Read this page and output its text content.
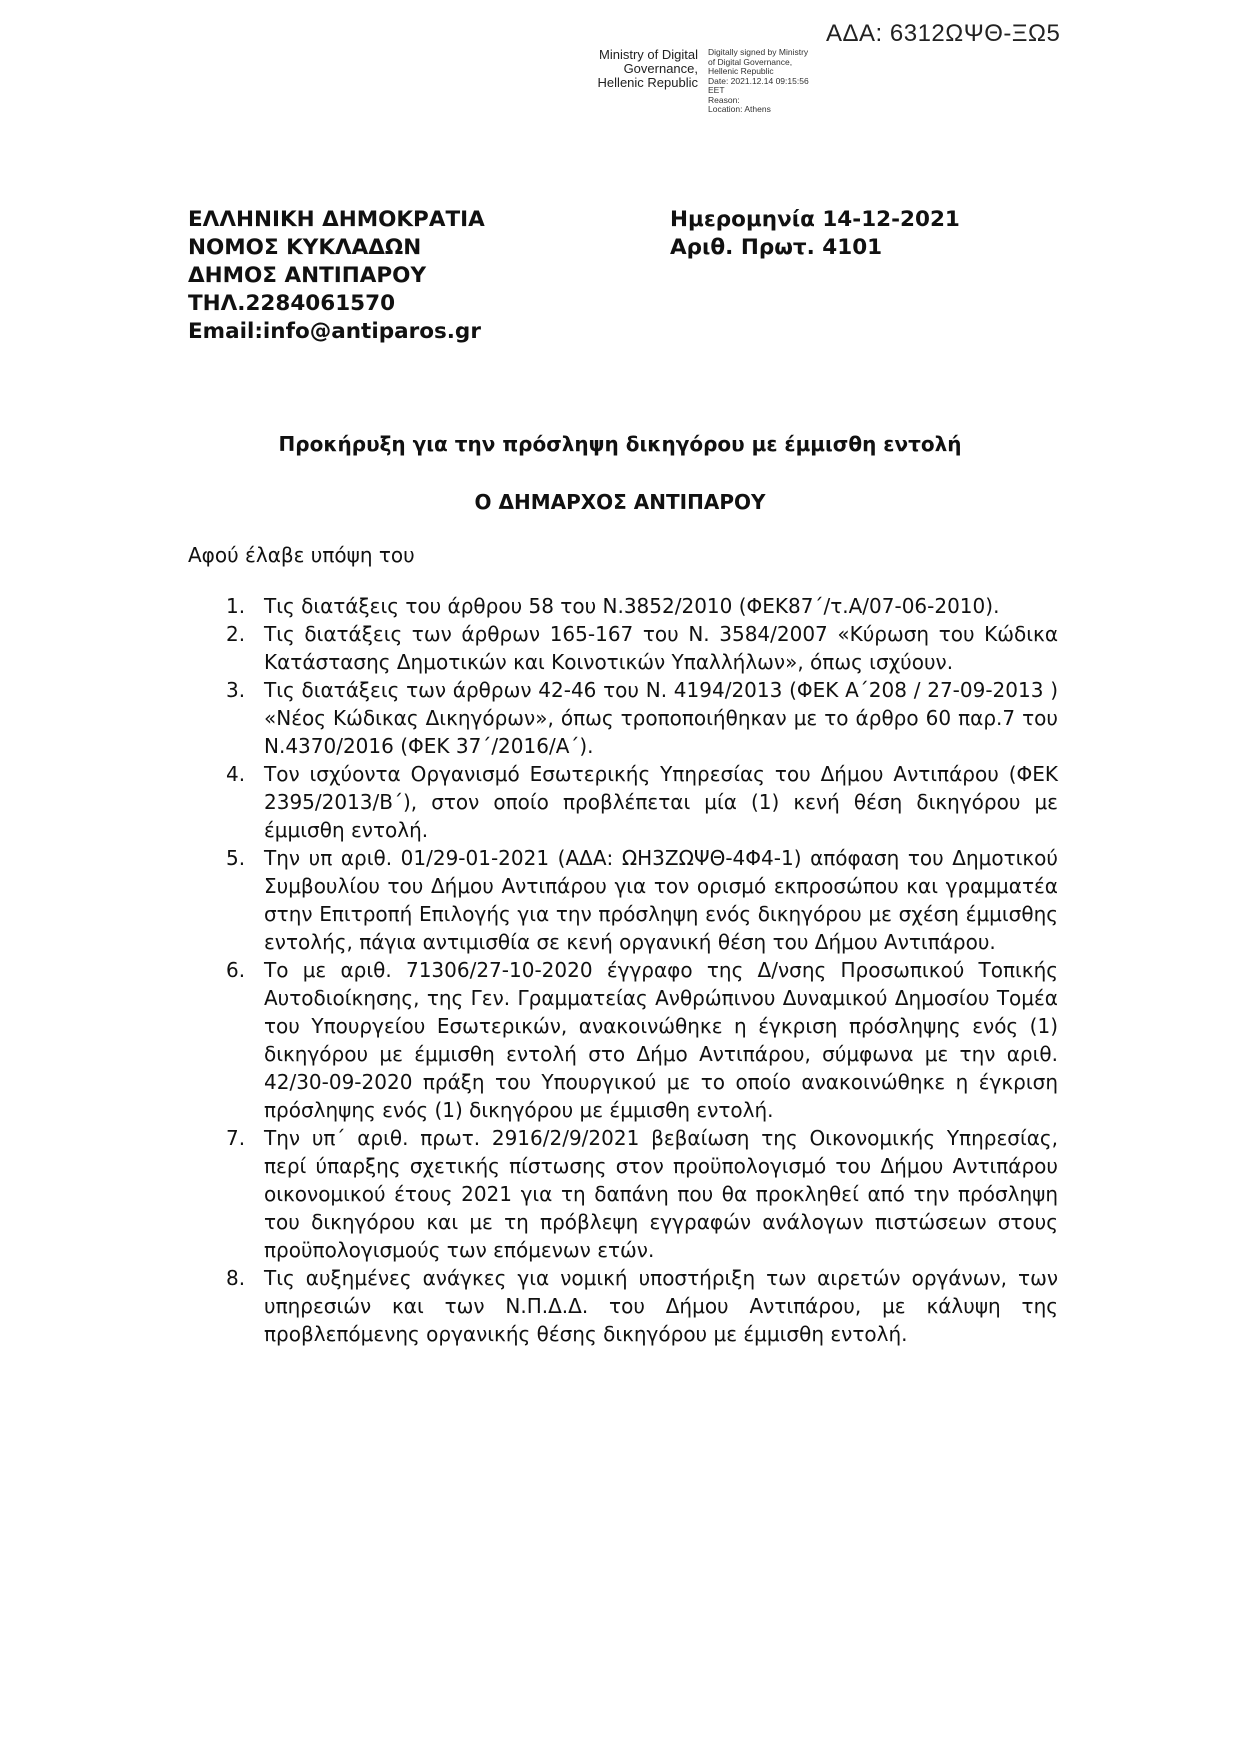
ΑΔΑ: 6312ΩΨΘ-ΞΩ5
Ministry of Digital
Governance,
Hellenic Republic
Digitally signed by Ministry
of Digital Governance,
Hellenic Republic
Date: 2021.12.14 09:15:56
EET
Reason:
Location: Athens
ΕΛΛΗΝΙΚΗ ΔΗΜΟΚΡΑΤΙΑ
ΝΟΜΟΣ ΚΥΚΛΑΔΩΝ
ΔΗΜΟΣ ΑΝΤΙΠΑΡΟΥ
ΤΗΛ.2284061570
Email:info@antiparos.gr
Ημερομηνία 14-12-2021
Αριθ. Πρωτ. 4101
Προκήρυξη για την πρόσληψη δικηγόρου με έμμισθη εντολή
Ο ΔΗΜΑΡΧΟΣ ΑΝΤΙΠΑΡΟΥ
Αφού έλαβε υπόψη του
1. Τις διατάξεις του άρθρου 58 του Ν.3852/2010 (ΦΕΚ87΄/τ.Α/07-06-2010).
2. Τις διατάξεις των άρθρων 165-167 του Ν. 3584/2007 «Κύρωση του Κώδικα Κατάστασης Δημοτικών και Κοινοτικών Υπαλλήλων», όπως ισχύουν.
3. Τις διατάξεις των άρθρων 42-46 του Ν. 4194/2013 (ΦΕΚ Α΄208 / 27-09-2013 ) «Νέος Κώδικας Δικηγόρων», όπως τροποποιήθηκαν με το άρθρο 60 παρ.7 του Ν.4370/2016 (ΦΕΚ 37΄/2016/Α΄).
4. Τον ισχύοντα Οργανισμό Εσωτερικής Υπηρεσίας του Δήμου Αντιπάρου (ΦΕΚ 2395/2013/Β΄), στον οποίο προβλέπεται μία (1) κενή θέση δικηγόρου με έμμισθη εντολή.
5. Την υπ αριθ. 01/29-01-2021 (ΑΔΑ: ΩΗ3ΖΩΨΘ-4Φ4-1) απόφαση του Δημοτικού Συμβουλίου του Δήμου Αντιπάρου για τον ορισμό εκπροσώπου και γραμματέα στην Επιτροπή Επιλογής για την πρόσληψη ενός δικηγόρου με σχέση έμμισθης εντολής, πάγια αντιμισθία σε κενή οργανική θέση του Δήμου Αντιπάρου.
6. Το με αριθ. 71306/27-10-2020 έγγραφο της Δ/νσης Προσωπικού Τοπικής Αυτοδιοίκησης, της Γεν. Γραμματείας Ανθρώπινου Δυναμικού Δημοσίου Τομέα του Υπουργείου Εσωτερικών, ανακοινώθηκε η έγκριση πρόσληψης ενός (1) δικηγόρου με έμμισθη εντολή στο Δήμο Αντιπάρου, σύμφωνα με την αριθ. 42/30-09-2020 πράξη του Υπουργικού με το οποίο ανακοινώθηκε η έγκριση πρόσληψης ενός (1) δικηγόρου με έμμισθη εντολή.
7. Την υπ΄ αριθ. πρωτ. 2916/2/9/2021 βεβαίωση της Οικονομικής Υπηρεσίας, περί ύπαρξης σχετικής πίστωσης στον προϋπολογισμό του Δήμου Αντιπάρου οικονομικού έτους 2021 για τη δαπάνη που θα προκληθεί από την πρόσληψη του δικηγόρου και με τη πρόβλεψη εγγραφών ανάλογων πιστώσεων στους προϋπολογισμούς των επόμενων ετών.
8. Τις αυξημένες ανάγκες για νομική υποστήριξη των αιρετών οργάνων, των υπηρεσιών και των Ν.Π.Δ.Δ. του Δήμου Αντιπάρου, με κάλυψη της προβλεπόμενης οργανικής θέσης δικηγόρου με έμμισθη εντολή.
